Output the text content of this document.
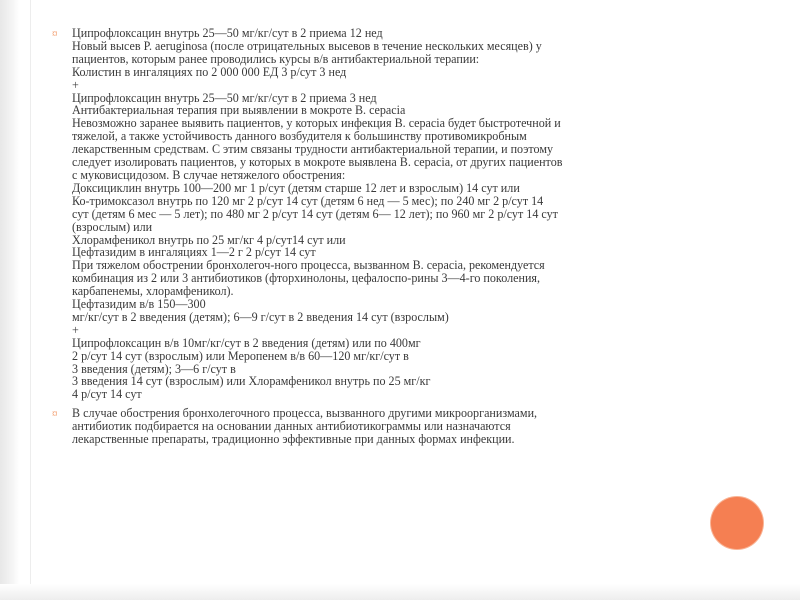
¤ Ципрофлоксацин внутрь 25—50 мг/кг/сут в 2 приема 12 нед
Новый высев P. aeruginosa (после отрицательных высевов в течение нескольких месяцев) у
пациентов, которым ранее проводились курсы в/в антибактериальной терапии:
Колистин в ингаляциях по 2 000 000 ЕД 3 р/сут 3 нед
+
Ципрофлоксацин внутрь 25—50 мг/кг/сут в 2 приема 3 нед
Антибактериальная терапия при выявлении в мокроте B. cepacia
Невозможно заранее выявить пациентов, у которых инфекция B. cepacia будет быстротечной и
тяжелой, а также устойчивость данного возбудителя к большинству противомикробным
лекарственным средствам. С этим связаны трудности антибактериальной терапии, и поэтому
следует изолировать пациентов, у которых в мокроте выявлена B. cepacia, от других пациентов
с муковисцидозом. В случае нетяжелого обострения:
Доксициклин внутрь 100—200 мг 1 р/сут (детям старше 12 лет и взрослым) 14 сут или
Ко-тримоксазол внутрь по 120 мг 2 р/сут 14 сут (детям 6 нед — 5 мес); по 240 мг 2 р/сут 14
сут (детям 6 мес — 5 лет); по 480 мг 2 р/сут 14 сут (детям 6— 12 лет); по 960 мг 2 р/сут 14 сут
(взрослым) или
Хлорамфеникол внутрь по 25 мг/кг 4 р/сут14 сут или
Цефтазидим в ингаляциях 1—2 г 2 р/сут 14 сут
При тяжелом обострении бронхолегоч-ного процесса, вызванном B. cepacia, рекомендуется
комбинация из 2 или 3 антибиотиков (фторхинолоны, цефалоспо-рины 3—4-го поколения,
карбапенемы, хлорамфеникол).
Цефтазидим в/в 150—300
мг/кг/сут в 2 введения (детям); 6—9 г/сут в 2 введения 14 сут (взрослым)
+
Ципрофлоксацин в/в 10мг/кг/сут в 2 введения (детям) или по 400мг
2 р/сут 14 сут (взрослым) или Меропенем в/в 60—120 мг/кг/сут в
3 введения (детям); 3—6 г/сут в
3 введения 14 сут (взрослым) или Хлорамфеникол внутрь по 25 мг/кг
4 р/сут 14 сут
¤ В случае обострения бронхолегочного процесса, вызванного другими микроорганизмами,
антибиотик подбирается на основании данных антибиотикограммы или назначаются
лекарственные препараты, традиционно эффективные при данных формах инфекции.
